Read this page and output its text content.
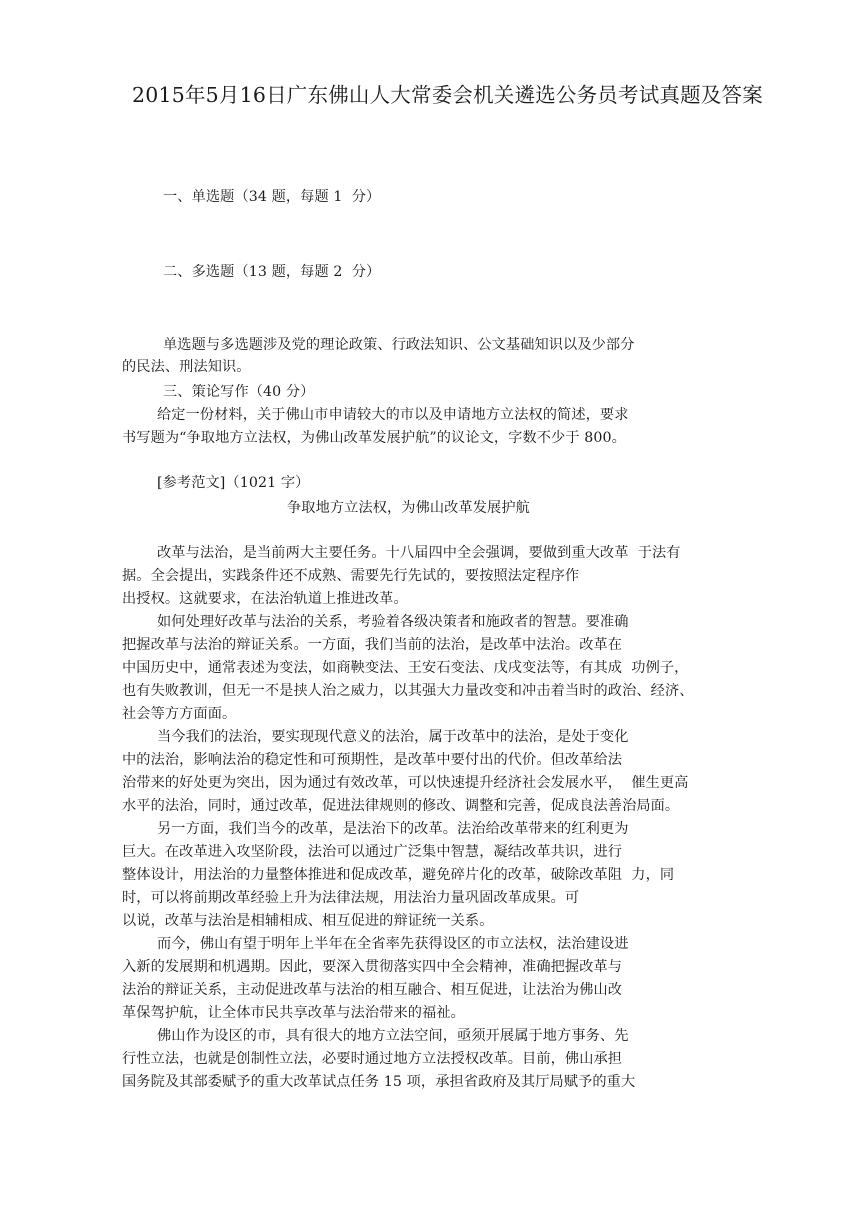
2015年5月16日广东佛山人大常委会机关遴选公务员考试真题及答案
一、单选题（34 题，每题 1  分）
二、多选题（13 题，每题 2  分）
单选题与多选题涉及党的理论政策、行政法知识、公文基础知识以及少部分
的民法、刑法知识。
三、策论写作（40 分）
给定一份材料，关于佛山市申请较大的市以及申请地方立法权的简述，要求
书写题为“争取地方立法权，为佛山改革发展护航”的议论文，字数不少于 800。
[参考范文]（1021 字）
争取地方立法权，为佛山改革发展护航
改革与法治，是当前两大主要任务。十八届四中全会强调，要做到重大改革  于法有
据。全会提出，实践条件还不成熟、需要先行先试的，要按照法定程序作
出授权。这就要求，在法治轨道上推进改革。
如何处理好改革与法治的关系，考验着各级决策者和施政者的智慧。要准确
把握改革与法治的辩证关系。一方面，我们当前的法治，是改革中法治。改革在
中国历史中，通常表述为变法，如商鞅变法、王安石变法、戊戌变法等，有其成  功例子，
也有失败教训，但无一不是挟人治之威力，以其强大力量改变和冲击着当时的政治、经济、
社会等方方面面。
当今我们的法治，要实现现代意义的法治，属于改革中的法治，是处于变化
中的法治，影响法治的稳定性和可预期性，是改革中要付出的代价。但改革给法
治带来的好处更为突出，因为通过有效改革，可以快速提升经济社会发展水平，  催生更高
水平的法治，同时，通过改革，促进法律规则的修改、调整和完善，促成良法善治局面。
另一方面，我们当今的改革，是法治下的改革。法治给改革带来的红利更为
巨大。在改革进入攻坚阶段，法治可以通过广泛集中智慧，凝结改革共识，进行
整体设计，用法治的力量整体推进和促成改革，避免碎片化的改革，破除改革阻  力，同
时，可以将前期改革经验上升为法律法规，用法治力量巩固改革成果。可
以说，改革与法治是相辅相成、相互促进的辩证统一关系。
而今，佛山有望于明年上半年在全省率先获得设区的市立法权，法治建设进
入新的发展期和机遇期。因此，要深入贯彻落实四中全会精神，准确把握改革与
法治的辩证关系，主动促进改革与法治的相互融合、相互促进，让法治为佛山改
革保驾护航，让全体市民共享改革与法治带来的福祉。
佛山作为设区的市，具有很大的地方立法空间，亟须开展属于地方事务、先
行性立法，也就是创制性立法，必要时通过地方立法授权改革。目前，佛山承担
国务院及其部委赋予的重大改革试点任务 15 项，承担省政府及其厅局赋予的重大
